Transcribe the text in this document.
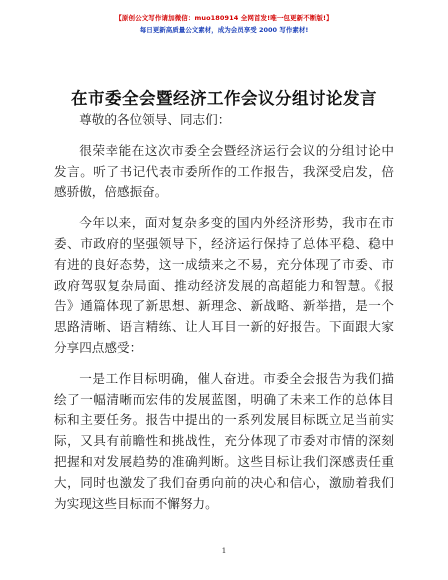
【原创公文写作请加微信：muo180914 全网首发!唯一包更新不断版!】
每日更新高质量公文素材，成为会员享受 2000 写作素材!
在市委全会暨经济工作会议分组讨论发言

尊敬的各位领导、同志们：

很荣幸能在这次市委全会暨经济运行会议的分组讨论中发言。听了书记代表市委所作的工作报告，我深受启发，倍感骄傲，倍感振奋。

今年以来，面对复杂多变的国内外经济形势，我市在市委、市政府的坚强领导下，经济运行保持了总体平稳、稳中有进的良好态势，这一成绩来之不易，充分体现了市委、市政府驾驭复杂局面、推动经济发展的高超能力和智慧。《报告》通篇体现了新思想、新理念、新战略、新举措，是一个思路清晰、语言精练、让人耳目一新的好报告。下面跟大家分享四点感受：

一是工作目标明确，催人奋进。市委全会报告为我们描绘了一幅清晰而宏伟的发展蓝图，明确了未来工作的总体目标和主要任务。报告中提出的一系列发展目标既立足当前实际，又具有前瞻性和挑战性，充分体现了市委对市情的深刻把握和对发展趋势的准确判断。这些目标让我们深感责任重大，同时也激发了我们奋勇向前的决心和信心，激励着我们为实现这些目标而不懈努力。

1
